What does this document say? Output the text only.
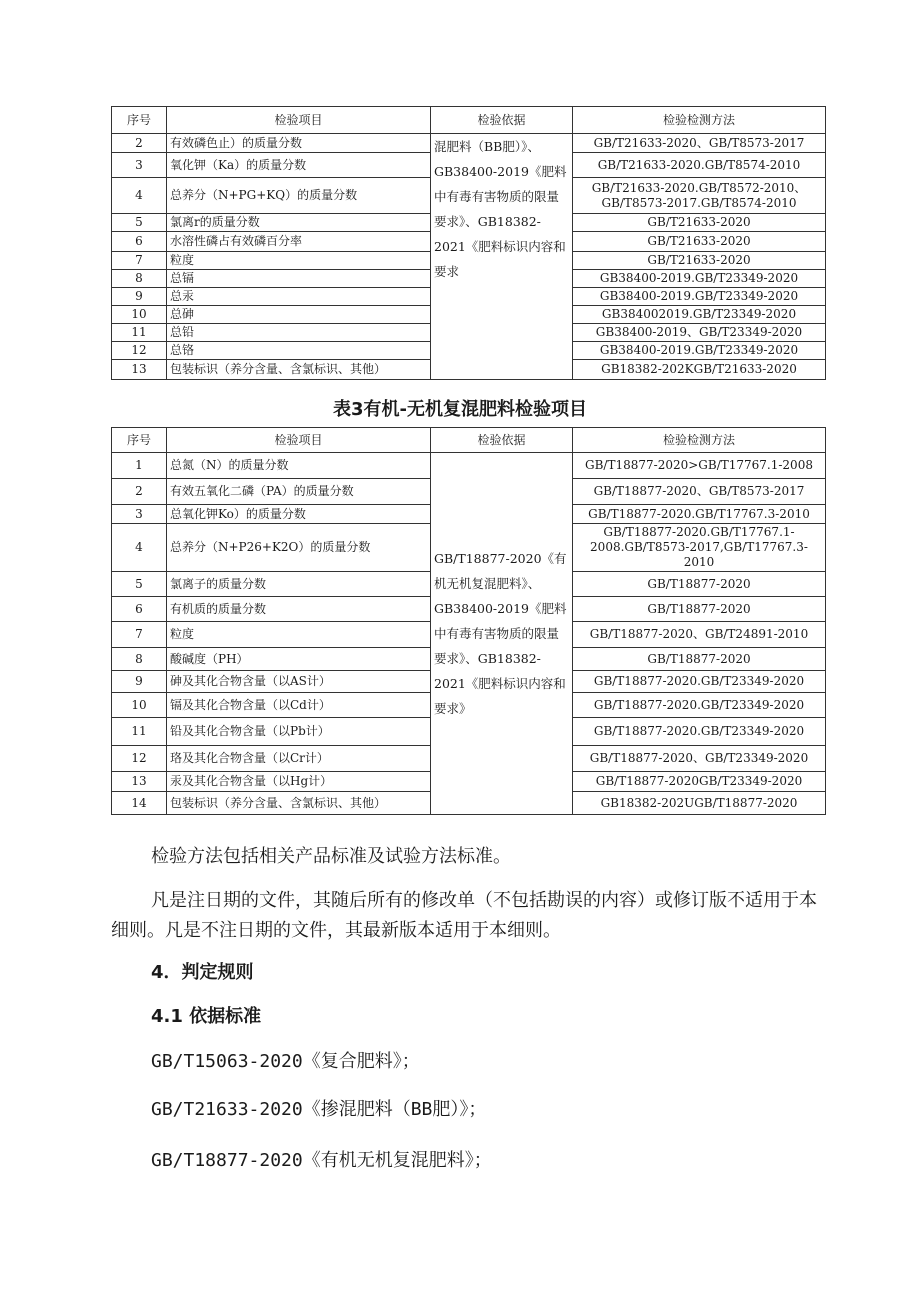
序号	检验项目	检验依据	检验检测方法
2	有效磷色止）的质量分数	混肥料（BB肥）》、GB38400-2019《肥料中有毒有害物质的限量要求》、GB18382-2021《肥料标识内容和要求	GB/T21633-2020、GB/T8573-2017
3	氧化钾（Ka）的质量分数		GB/T21633-2020.GB/T8574-2010
4	总养分（N+PG+KQ）的质量分数		GB/T21633-2020.GB/T8572-2010、GB/T8573-2017.GB/T8574-2010
5	氯离r的质量分数		GB/T21633-2020
6	水溶性磷占有效磷百分率		GB/T21633-2020
7	粒度		GB/T21633-2020
8	总镉		GB38400-2019.GB/T23349-2020
9	总汞		GB38400-2019.GB/T23349-2020
10	总砷		GB384002019.GB/T23349-2020
11	总铅		GB38400-2019、GB/T23349-2020
12	总铬		GB38400-2019.GB/T23349-2020
13	包装标识（养分含量、含氯标识、其他）		GB18382-202KGB/T21633-2020
表3有机-无机复混肥料检验项目
序号	检验项目	检验依据	检验检测方法
1	总氮（N）的质量分数	GB/T18877-2020《有机无机复混肥料》、GB38400-2019《肥料中有毒有害物质的限量要求》、GB18382-2021《肥料标识内容和要求》	GB/T18877-2020>GB/T17767.1-2008
2	有效五氧化二磷（PA）的质量分数		GB/T18877-2020、GB/T8573-2017
3	总氧化钾Ko）的质量分数		GB/T18877-2020.GB/T17767.3-2010
4	总养分（N+P26+K2O）的质量分数		GB/T18877-2020.GB/T17767.1-2008.GB/T8573-2017,GB/T17767.3-2010
5	氯离子的质量分数		GB/T18877-2020
6	有机质的质量分数		GB/T18877-2020
7	粒度		GB/T18877-2020、GB/T24891-2010
8	酸碱度（PH）		GB/T18877-2020
9	砷及其化合物含量（以AS计）		GB/T18877-2020.GB/T23349-2020
10	镉及其化合物含量（以Cd计）		GB/T18877-2020.GB/T23349-2020
11	铅及其化合物含量（以Pb计）		GB/T18877-2020.GB/T23349-2020
12	珞及其化合物含量（以Cr计）		GB/T18877-2020、GB/T23349-2020
13	汞及其化合物含量（以Hg计）		GB/T18877-2020GB/T23349-2020
14	包装标识（养分含量、含氯标识、其他）		GB18382-202UGB/T18877-2020

检验方法包括相关产品标准及试验方法标准。

凡是注日期的文件，其随后所有的修改单（不包括勘误的内容）或修订版不适用于本细则。凡是不注日期的文件，其最新版本适用于本细则。

4．判定规则

4.1 依据标准

GB/T15063-2020《复合肥料》；

GB/T21633-2020《掺混肥料（BB肥）》；

GB/T18877-2020《有机无机复混肥料》；
